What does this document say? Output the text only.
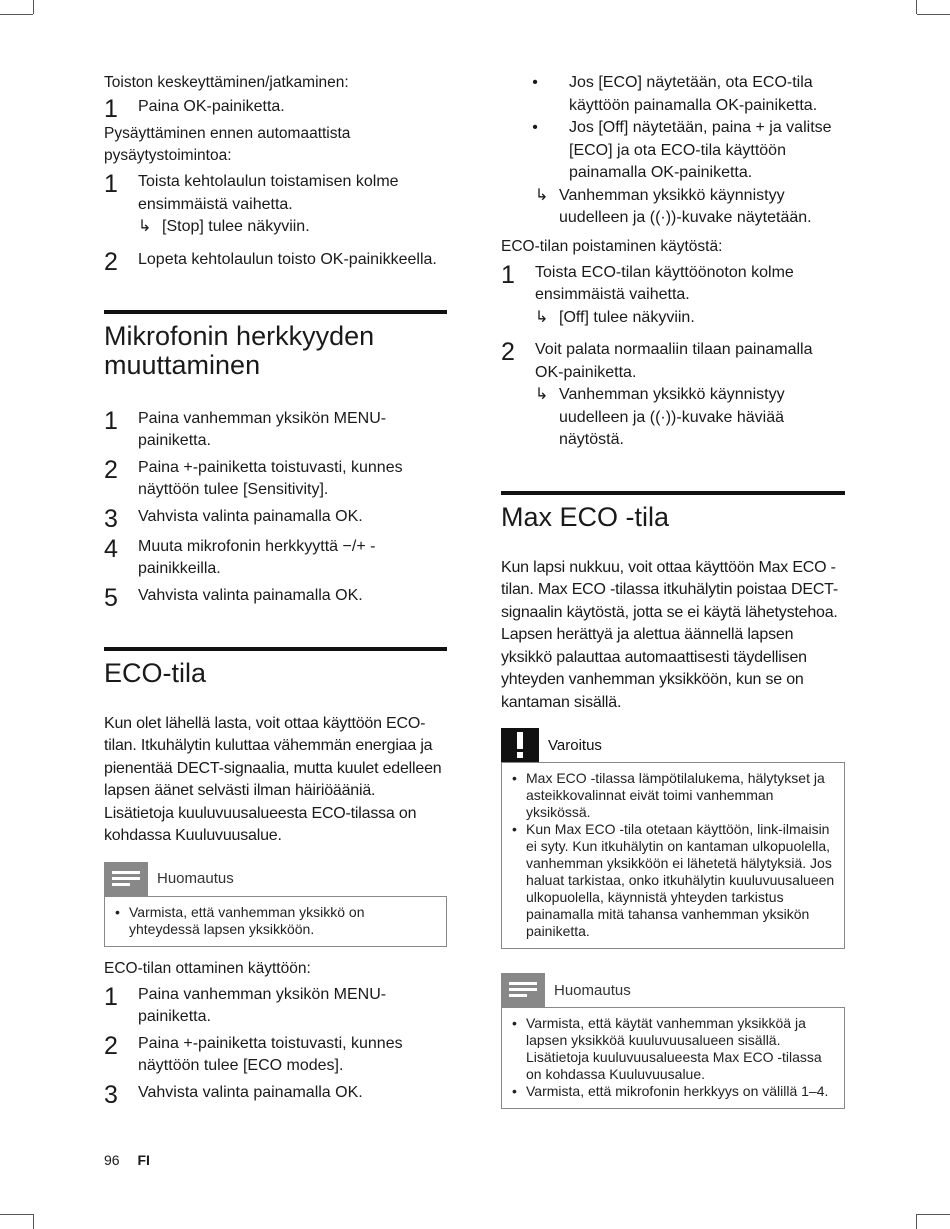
Toiston keskeyttäminen/jatkaminen:

1	Paina OK-painiketta.

Pysäyttäminen ennen automaattista pysäytystoimintoa:

1	Toista kehtolaulun toistamisen kolme ensimmäistä vaihetta.
↳ [Stop] tulee näkyviin.
2	Lopeta kehtolaulun toisto OK-painikkeella.
Mikrofonin herkkyyden muuttaminen
1	Paina vanhemman yksikön MENU-painiketta.
2	Paina +-painiketta toistuvasti, kunnes näyttöön tulee [Sensitivity].
3	Vahvista valinta painamalla OK.
4	Muuta mikrofonin herkkyyttä −/+ -painikkeilla.
5	Vahvista valinta painamalla OK.
ECO-tila

Kun olet lähellä lasta, voit ottaa käyttöön ECO-tilan. Itkuhälytin kuluttaa vähemmän energiaa ja pienentää DECT-signaalia, mutta kuulet edelleen lapsen äänet selvästi ilman häiriöääniä. Lisätietoja kuuluvuusalueesta ECO-tilassa on kohdassa Kuuluvuusalue.

Huomautus
• Varmista, että vanhemman yksikkö on yhteydessä lapsen yksikköön.

ECO-tilan ottaminen käyttöön:

1	Paina vanhemman yksikön MENU-painiketta.
2	Paina +-painiketta toistuvasti, kunnes näyttöön tulee [ECO modes].
3	Vahvista valinta painamalla OK.
•	Jos [ECO] näytetään, ota ECO-tila käyttöön painamalla OK-painiketta.
•	Jos [Off] näytetään, paina + ja valitse [ECO] ja ota ECO-tila käyttöön painamalla OK-painiketta.
↳ Vanhemman yksikkö käynnistyy uudelleen ja ((·))-kuvake näytetään.

ECO-tilan poistaminen käytöstä:

1	Toista ECO-tilan käyttöönoton kolme ensimmäistä vaihetta.
↳ [Off] tulee näkyviin.
2	Voit palata normaaliin tilaan painamalla OK-painiketta.
↳ Vanhemman yksikkö käynnistyy uudelleen ja ((·))-kuvake häviää näytöstä.
Max ECO -tila

Kun lapsi nukkuu, voit ottaa käyttöön Max ECO -tilan. Max ECO -tilassa itkuhälytin poistaa DECT-signaalin käytöstä, jotta se ei käytä lähetystehoa. Lapsen herättyä ja alettua äännellä lapsen yksikkö palauttaa automaattisesti täydellisen yhteyden vanhemman yksikköön, kun se on kantaman sisällä.

Varoitus
• Max ECO -tilassa lämpötilalukema, hälytykset ja asteikkovalinnat eivät toimi vanhemman yksikössä.
• Kun Max ECO -tila otetaan käyttöön, link-ilmaisin ei syty. Kun itkuhälytin on kantaman ulkopuolella, vanhemman yksikköön ei lähetetä hälytyksiä. Jos haluat tarkistaa, onko itkuhälytin kuuluvuusalueen ulkopuolella, käynnistä yhteyden tarkistus painamalla mitä tahansa vanhemman yksikön painiketta.
Huomautus
• Varmista, että käytät vanhemman yksikköä ja lapsen yksikköä kuuluvuusalueen sisällä. Lisätietoja kuuluvuusalueesta Max ECO -tilassa on kohdassa Kuuluvuusalue.
• Varmista, että mikrofonin herkkyys on välillä 1–4.
96 FI
